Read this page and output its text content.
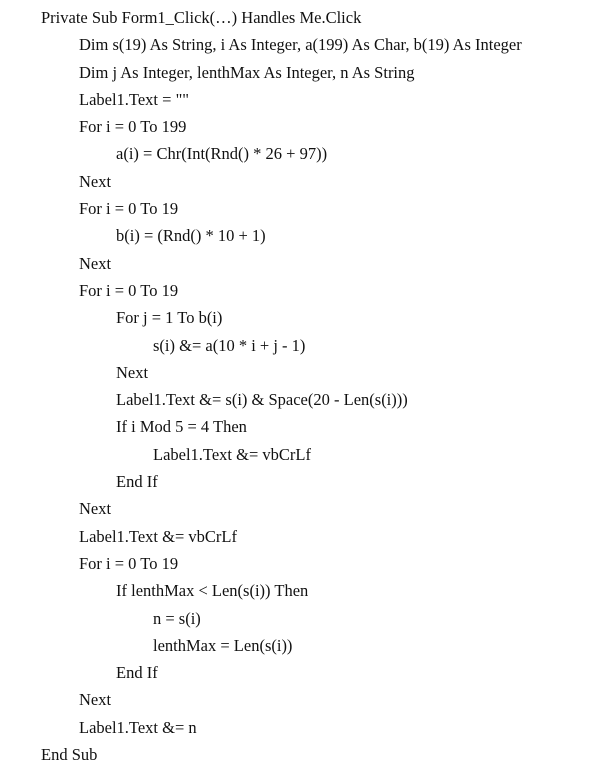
Private Sub Form1_Click(…) Handles Me.Click
Dim s(19) As String, i As Integer, a(199) As Char, b(19) As Integer
Dim j As Integer, lenthMax As Integer, n As String
Label1.Text = ""
For i = 0 To 199
a(i) = Chr(Int(Rnd() * 26 + 97))
Next
For i = 0 To 19
b(i) = (Rnd() * 10 + 1)
Next
For i = 0 To 19
For j = 1 To b(i)
s(i) &= a(10 * i + j - 1)
Next
Label1.Text &= s(i) & Space(20 - Len(s(i)))
If i Mod 5 = 4 Then
Label1.Text &= vbCrLf
End If
Next
Label1.Text &= vbCrLf
For i = 0 To 19
If lenthMax < Len(s(i)) Then
n = s(i)
lenthMax = Len(s(i))
End If
Next
Label1.Text &= n
End Sub
